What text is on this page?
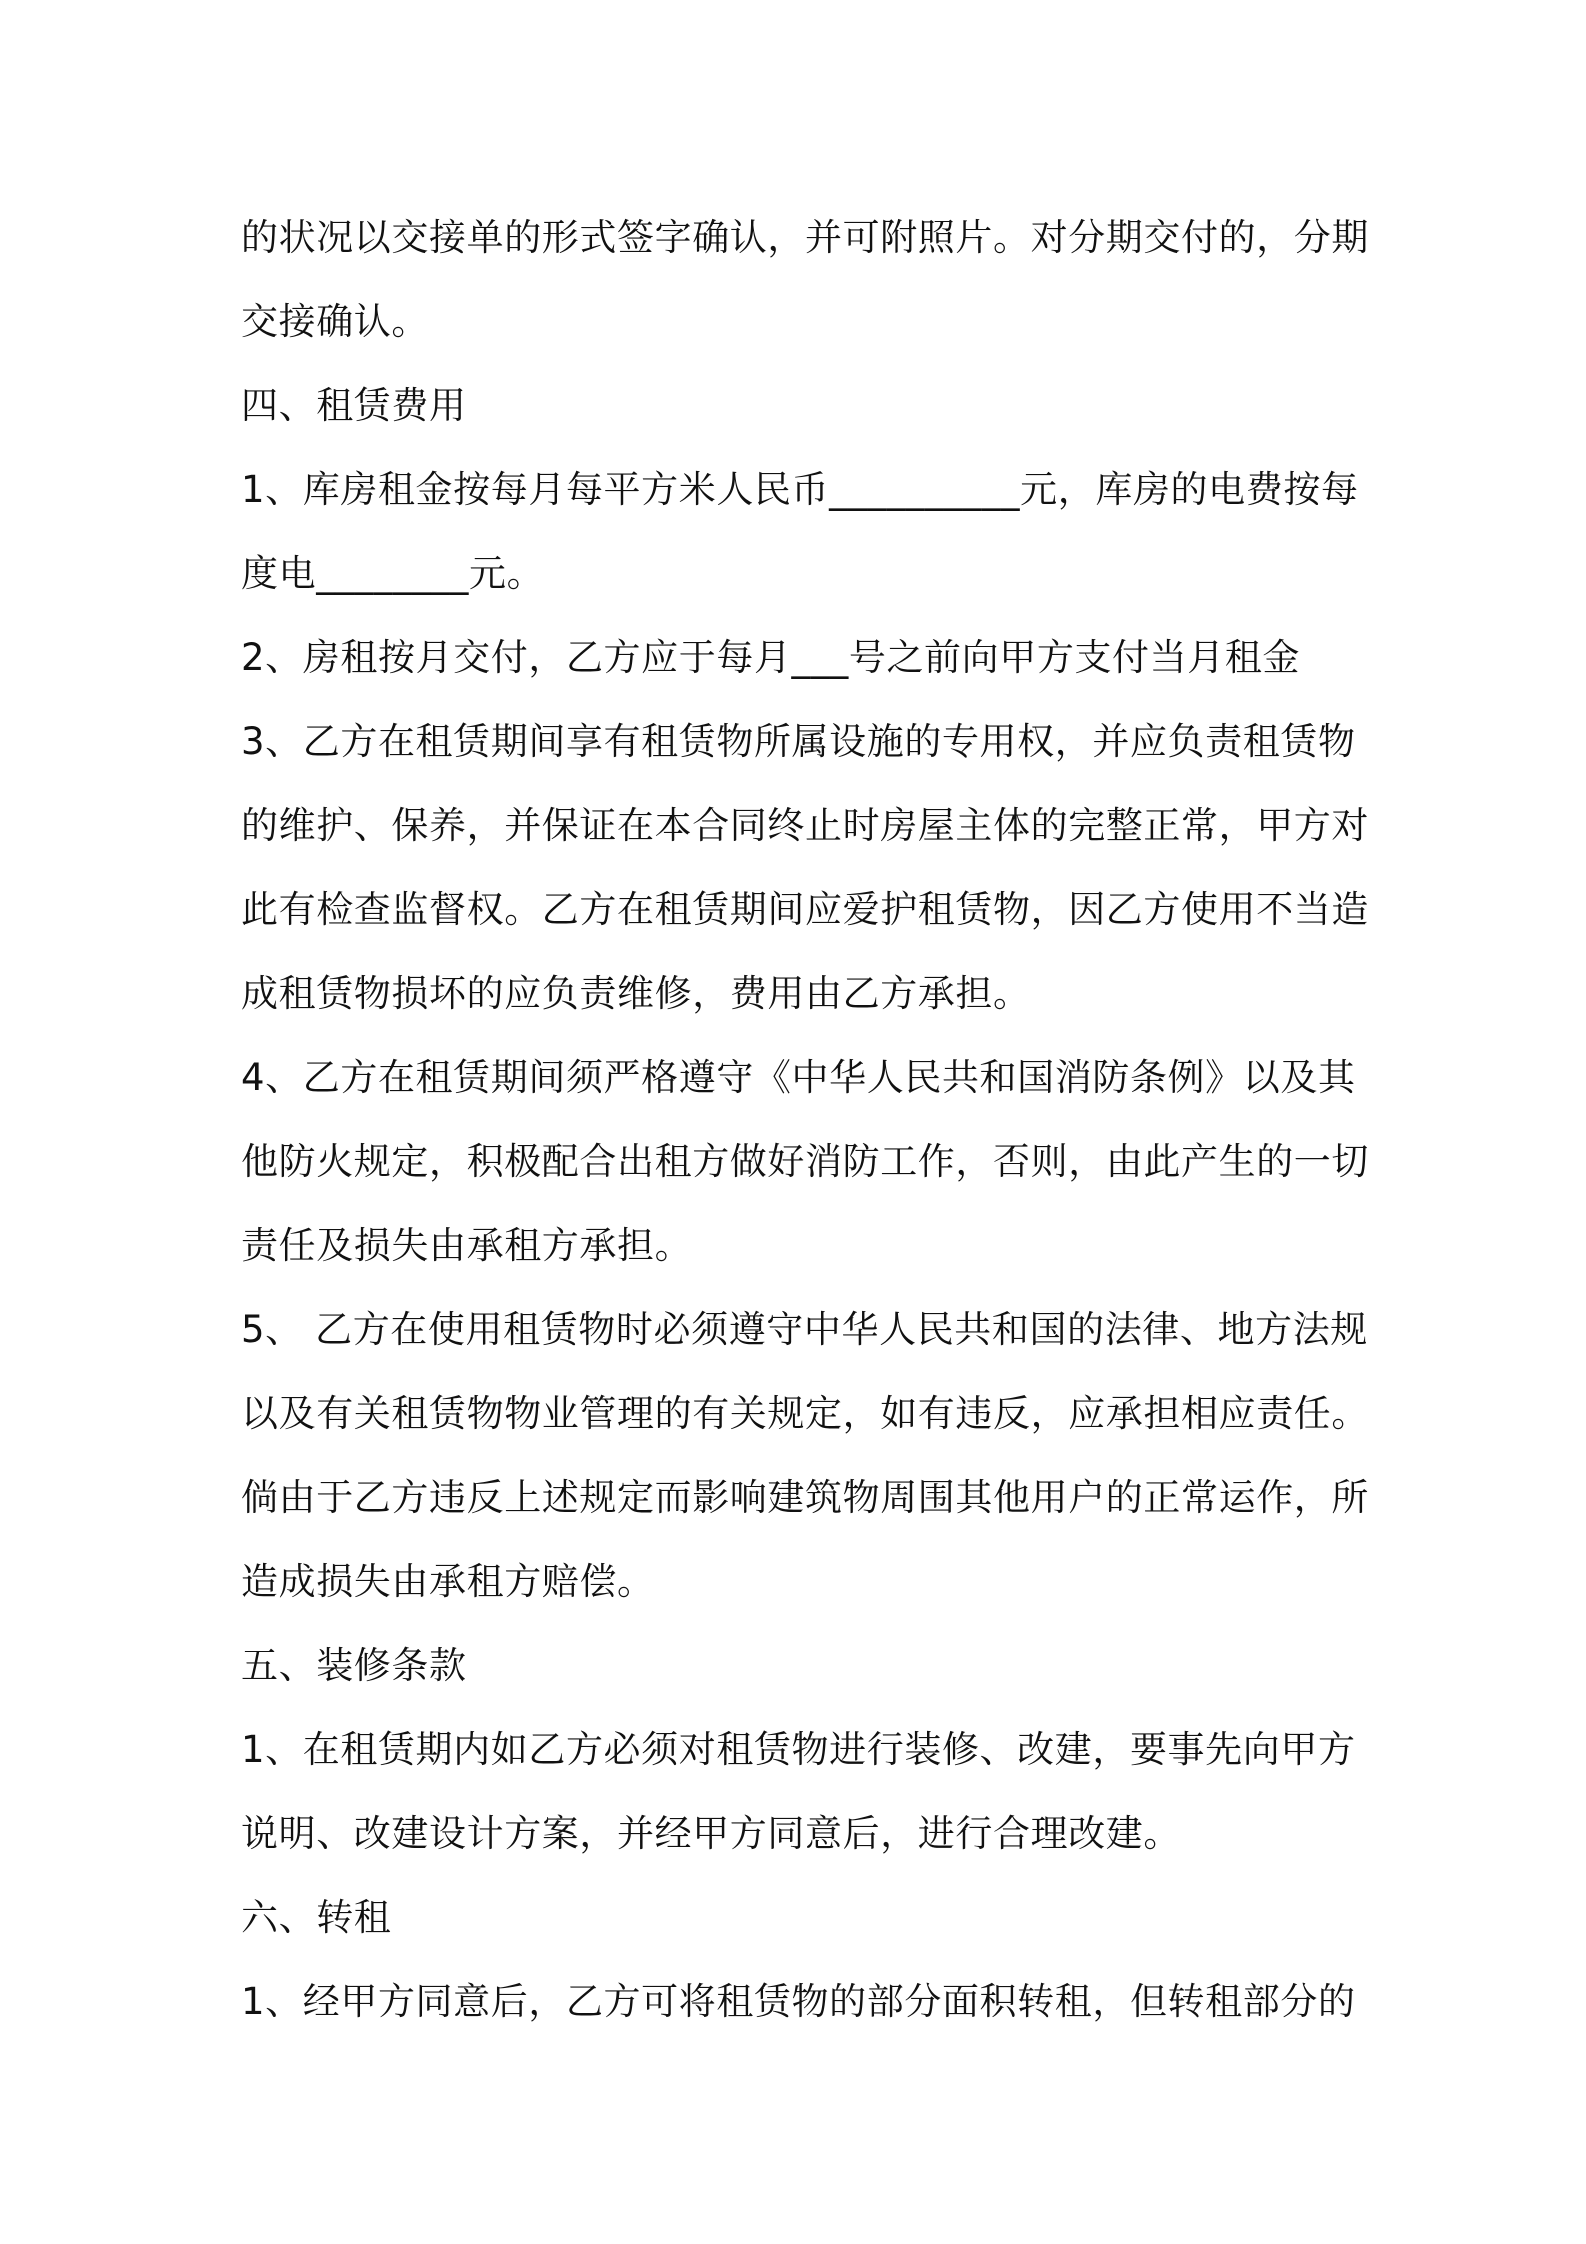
的状况以交接单的形式签字确认，并可附照片。对分期交付的，分期
交接确认。
四、租赁费用
1、库房租金按每月每平方米人民币__________元，库房的电费按每
度电________元。
2、房租按月交付，乙方应于每月___号之前向甲方支付当月租金
3、乙方在租赁期间享有租赁物所属设施的专用权，并应负责租赁物
的维护、保养，并保证在本合同终止时房屋主体的完整正常，甲方对
此有检查监督权。乙方在租赁期间应爱护租赁物，因乙方使用不当造
成租赁物损坏的应负责维修，费用由乙方承担。
4、乙方在租赁期间须严格遵守《中华人民共和国消防条例》以及其
他防火规定，积极配合出租方做好消防工作，否则，由此产生的一切
责任及损失由承租方承担。
5、 乙方在使用租赁物时必须遵守中华人民共和国的法律、地方法规
以及有关租赁物物业管理的有关规定，如有违反，应承担相应责任。
倘由于乙方违反上述规定而影响建筑物周围其他用户的正常运作，所
造成损失由承租方赔偿。
五、装修条款
1、在租赁期内如乙方必须对租赁物进行装修、改建，要事先向甲方
说明、改建设计方案，并经甲方同意后，进行合理改建。
六、转租
1、经甲方同意后，乙方可将租赁物的部分面积转租，但转租部分的
